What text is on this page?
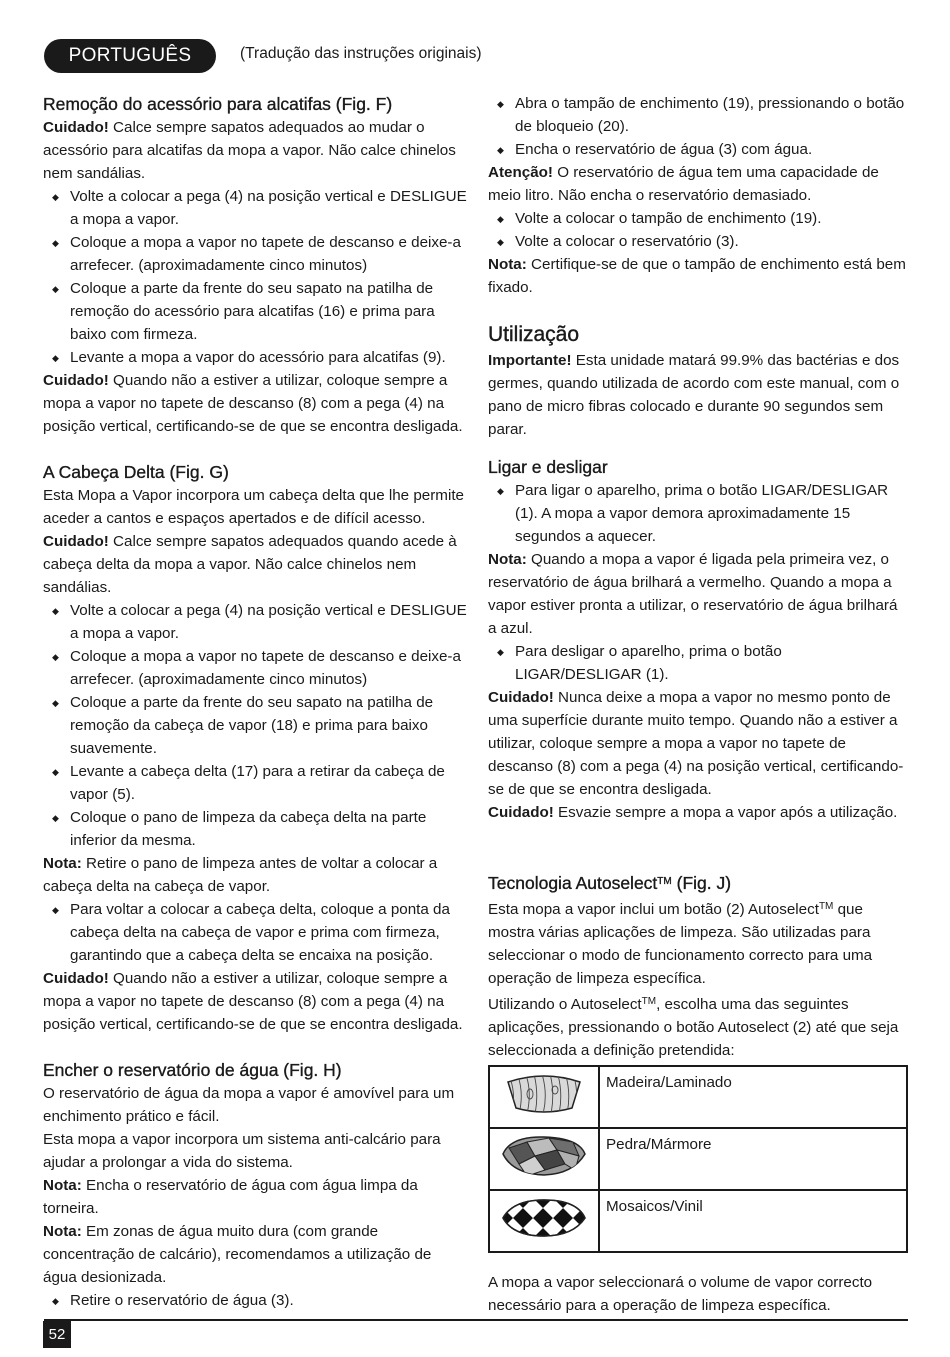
PORTUGUÊS	(Tradução das instruções originais)
Remoção do acessório para alcatifas (Fig. F)

Cuidado! Calce sempre sapatos adequados ao mudar o acessório para alcatifas da mopa a vapor. Não calce chinelos nem sandálias.

◆ Volte a colocar a pega (4) na posição vertical e DESLIGUE a mopa a vapor.
◆ Coloque a mopa a vapor no tapete de descanso e deixe-a arrefecer. (aproximadamente cinco minutos)
◆ Coloque a parte da frente do seu sapato na patilha de remoção do acessório para alcatifas (16) e prima para baixo com firmeza.
◆ Levante a mopa a vapor do acessório para alcatifas (9).

Cuidado! Quando não a estiver a utilizar, coloque sempre a mopa a vapor no tapete de descanso (8) com a pega (4) na posição vertical, certificando-se de que se encontra desligada.

A Cabeça Delta (Fig. G)

Esta Mopa a Vapor incorpora um cabeça delta que lhe permite aceder a cantos e espaços apertados e de difícil acesso.

Cuidado! Calce sempre sapatos adequados quando acede à cabeça delta da mopa a vapor. Não calce chinelos nem sandálias.

◆ Volte a colocar a pega (4) na posição vertical e DESLIGUE a mopa a vapor.
◆ Coloque a mopa a vapor no tapete de descanso e deixe-a arrefecer. (aproximadamente cinco minutos)
◆ Coloque a parte da frente do seu sapato na patilha de remoção da cabeça de vapor (18) e prima para baixo suavemente.
◆ Levante a cabeça delta (17) para a retirar da cabeça de vapor (5).
◆ Coloque o pano de limpeza da cabeça delta na parte inferior da mesma.

Nota: Retire o pano de limpeza antes de voltar a colocar a cabeça delta na cabeça de vapor.

◆ Para voltar a colocar a cabeça delta, coloque a ponta da cabeça delta na cabeça de vapor e prima com firmeza, garantindo que a cabeça delta se encaixa na posição.

Cuidado! Quando não a estiver a utilizar, coloque sempre a mopa a vapor no tapete de descanso (8) com a pega (4) na posição vertical, certificando-se de que se encontra desligada.

Encher o reservatório de água (Fig. H)

O reservatório de água da mopa a vapor é amovível para um enchimento prático e fácil.

Esta mopa a vapor incorpora um sistema anti-calcário para ajudar a prolongar a vida do sistema.

Nota: Encha o reservatório de água com água limpa da torneira.

Nota: Em zonas de água muito dura (com grande concentração de calcário), recomendamos a utilização de água desionizada.

◆ Retire o reservatório de água (3).
◆ Abra o tampão de enchimento (19), pressionando o botão de bloqueio (20).
◆ Encha o reservatório de água (3) com água.

Atenção! O reservatório de água tem uma capacidade de meio litro. Não encha o reservatório demasiado.

◆ Volte a colocar o tampão de enchimento (19).
◆ Volte a colocar o reservatório (3).

Nota: Certifique-se de que o tampão de enchimento está bem fixado.

Utilização

Importante! Esta unidade matará 99.9% das bactérias e dos germes, quando utilizada de acordo com este manual, com o pano de micro fibras colocado e durante 90 segundos sem parar.

Ligar e desligar
◆ Para ligar o aparelho, prima o botão LIGAR/DESLIGAR (1). A mopa a vapor demora aproximadamente 15 segundos a aquecer.

Nota: Quando a mopa a vapor é ligada pela primeira vez, o reservatório de água brilhará a vermelho. Quando a mopa a vapor estiver pronta a utilizar, o reservatório de água brilhará a azul.

◆ Para desligar o aparelho, prima o botão LIGAR/DESLIGAR (1).

Cuidado! Nunca deixe a mopa a vapor no mesmo ponto de uma superfície durante muito tempo. Quando não a estiver a utilizar, coloque sempre a mopa a vapor no tapete de descanso (8) com a pega (4) na posição vertical, certificando-se de que se encontra desligada.

Cuidado! Esvazie sempre a mopa a vapor após a utilização.

Tecnologia Autoselect™ (Fig. J)

Esta mopa a vapor inclui um botão (2) Autoselect™ que mostra várias aplicações de limpeza. São utilizadas para seleccionar o modo de funcionamento correcto para uma operação de limpeza específica.

Utilizando o Autoselect™, escolha uma das seguintes aplicações, pressionando o botão Autoselect (2) até que seja seleccionada a definição pretendida:

	Madeira/Laminado
	Pedra/Mármore
	Mosaicos/Vinil

A mopa a vapor seleccionará o volume de vapor correcto necessário para a operação de limpeza específica.

52
